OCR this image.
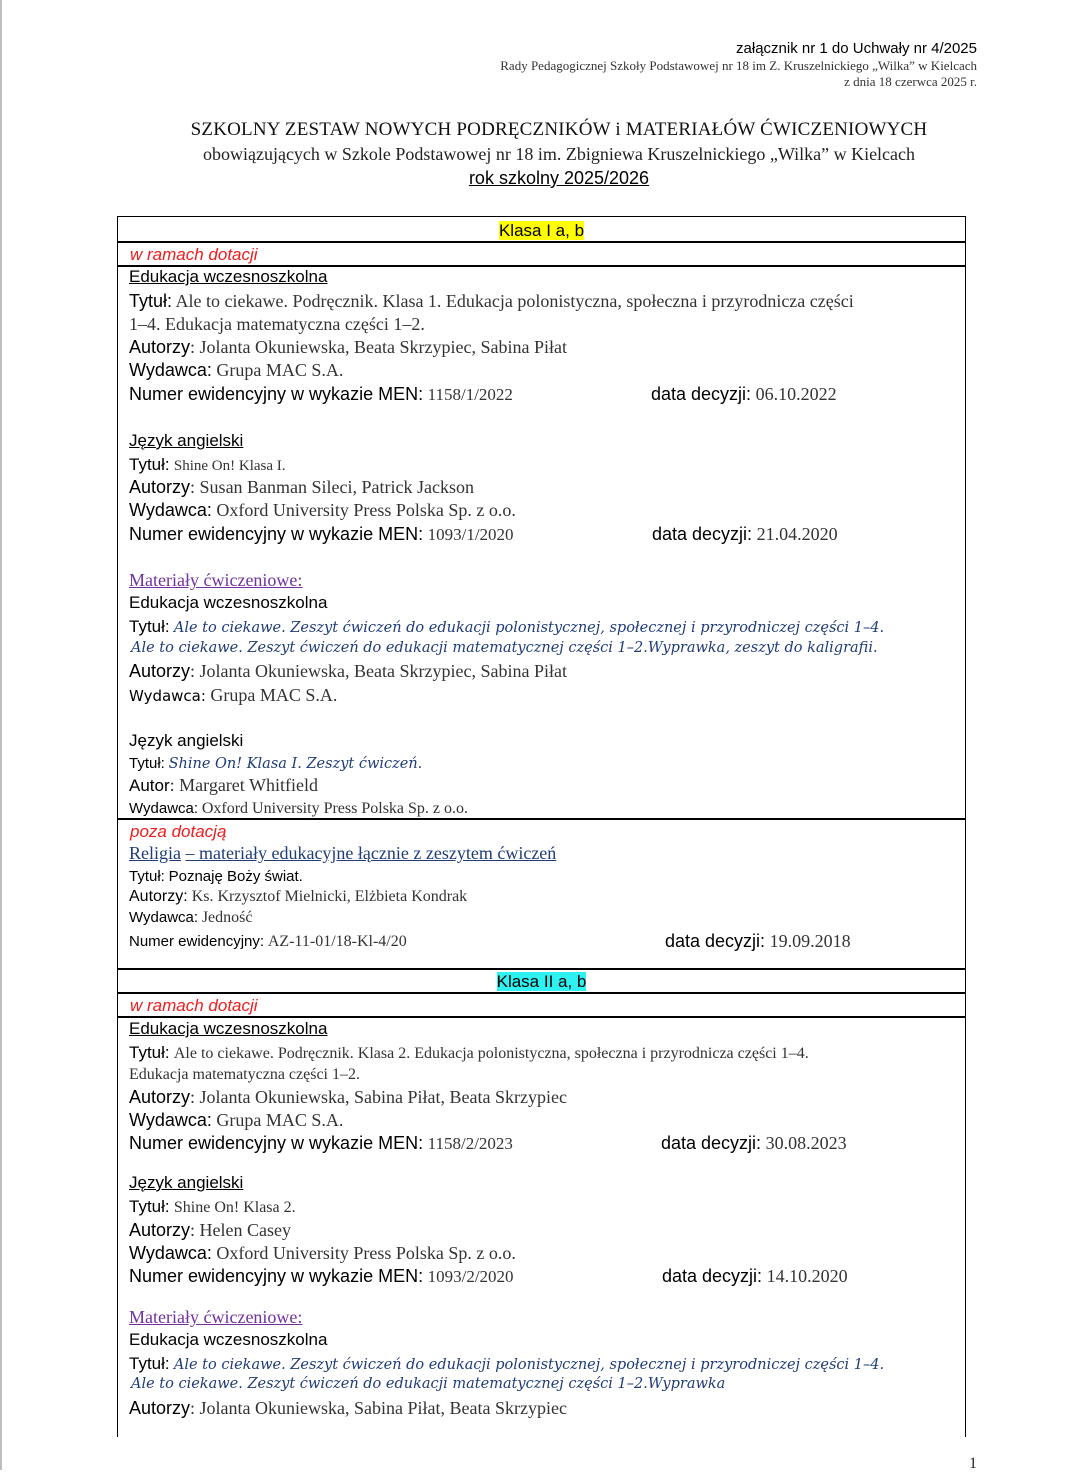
załącznik nr 1 do Uchwały nr 4/2025
Rady Pedagogicznej Szkoły Podstawowej nr 18 im Z. Kruszelnickiego „Wilka” w Kielcach
z dnia 18 czerwca 2025 r.
SZKOLNY ZESTAW NOWYCH PODRĘCZNIKÓW i MATERIAŁÓW ĆWICZENIOWYCH
obowiązujących w Szkole Podstawowej nr 18 im. Zbigniewa Kruszelnickiego „Wilka” w Kielcach
rok szkolny 2025/2026
Klasa I a, b
w ramach dotacji
Edukacja wczesnoszkolna
Tytuł: Ale to ciekawe. Podręcznik. Klasa 1. Edukacja polonistyczna, społeczna i przyrodnicza części
1–4. Edukacja matematyczna części 1–2.
Autorzy: Jolanta Okuniewska, Beata Skrzypiec, Sabina Piłat
Wydawca: Grupa MAC S.A.
Numer ewidencyjny w wykazie MEN: 1158/1/2022	data decyzji: 06.10.2022
Język angielski
Tytuł: Shine On! Klasa I.
Autorzy: Susan Banman Sileci, Patrick Jackson
Wydawca: Oxford University Press Polska Sp. z o.o.
Numer ewidencyjny w wykazie MEN: 1093/1/2020	data decyzji: 21.04.2020
Materiały ćwiczeniowe:
Edukacja wczesnoszkolna
Tytuł: Ale to ciekawe. Zeszyt ćwiczeń do edukacji polonistycznej, społecznej i przyrodniczej części 1–4.
Ale to ciekawe. Zeszyt ćwiczeń do edukacji matematycznej części 1–2.Wyprawka, zeszyt do kaligrafii.
Autorzy: Jolanta Okuniewska, Beata Skrzypiec, Sabina Piłat
Wydawca: Grupa MAC S.A.
Język angielski
Tytuł: Shine On! Klasa I. Zeszyt ćwiczeń.
Autor: Margaret Whitfield
Wydawca: Oxford University Press Polska Sp. z o.o.
poza dotacją
Religia – materiały edukacyjne łącznie z zeszytem ćwiczeń
Tytuł: Poznaję Boży świat.
Autorzy: Ks. Krzysztof Mielnicki, Elżbieta Kondrak
Wydawca: Jedność
Numer ewidencyjny: AZ-11-01/18-Kl-4/20	data decyzji: 19.09.2018
Klasa II a, b
w ramach dotacji
Edukacja wczesnoszkolna
Tytuł: Ale to ciekawe. Podręcznik. Klasa 2. Edukacja polonistyczna, społeczna i przyrodnicza części 1–4.
Edukacja matematyczna części 1–2.
Autorzy: Jolanta Okuniewska, Sabina Piłat, Beata Skrzypiec
Wydawca: Grupa MAC S.A.
Numer ewidencyjny w wykazie MEN: 1158/2/2023	data decyzji: 30.08.2023
Język angielski
Tytuł: Shine On! Klasa 2.
Autorzy: Helen Casey
Wydawca: Oxford University Press Polska Sp. z o.o.
Numer ewidencyjny w wykazie MEN: 1093/2/2020	data decyzji: 14.10.2020
Materiały ćwiczeniowe:
Edukacja wczesnoszkolna
Tytuł: Ale to ciekawe. Zeszyt ćwiczeń do edukacji polonistycznej, społecznej i przyrodniczej części 1–4.
Ale to ciekawe. Zeszyt ćwiczeń do edukacji matematycznej części 1–2.Wyprawka
Autorzy: Jolanta Okuniewska, Sabina Piłat, Beata Skrzypiec
1
